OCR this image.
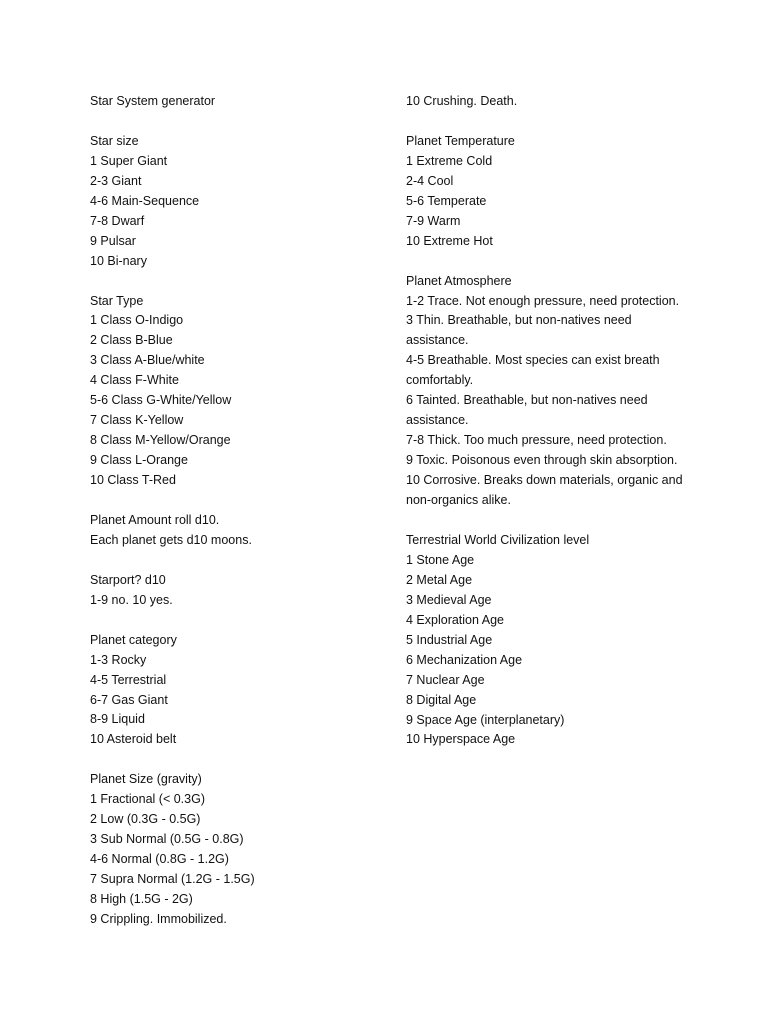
Star System generator
Star size
1 Super Giant
2-3 Giant
4-6 Main-Sequence
7-8 Dwarf
9 Pulsar
10 Bi-nary
Star Type
1 Class O-Indigo
2 Class B-Blue
3 Class A-Blue/white
4 Class F-White
5-6 Class G-White/Yellow
7 Class K-Yellow
8 Class M-Yellow/Orange
9 Class L-Orange
10 Class T-Red
Planet Amount roll d10.
Each planet gets d10 moons.
Starport? d10
1-9 no. 10 yes.
Planet category
1-3 Rocky
4-5 Terrestrial
6-7 Gas Giant
8-9 Liquid
10 Asteroid belt
Planet Size (gravity)
1 Fractional (< 0.3G)
2 Low (0.3G - 0.5G)
3 Sub Normal (0.5G - 0.8G)
4-6 Normal (0.8G - 1.2G)
7 Supra Normal (1.2G - 1.5G)
8 High (1.5G - 2G)
9 Crippling. Immobilized.
10 Crushing. Death.
Planet Temperature
1 Extreme Cold
2-4 Cool
5-6 Temperate
7-9 Warm
10 Extreme Hot
Planet Atmosphere
1-2 Trace. Not enough pressure, need protection.
3 Thin. Breathable, but non-natives need assistance.
4-5 Breathable. Most species can exist breath comfortably.
6 Tainted. Breathable, but non-natives need assistance.
7-8 Thick. Too much pressure, need protection.
9 Toxic. Poisonous even through skin absorption.
10 Corrosive. Breaks down materials, organic and non-organics alike.
Terrestrial World Civilization level
1 Stone Age
2 Metal Age
3 Medieval Age
4 Exploration Age
5 Industrial Age
6 Mechanization Age
7 Nuclear Age
8 Digital Age
9 Space Age (interplanetary)
10 Hyperspace Age
